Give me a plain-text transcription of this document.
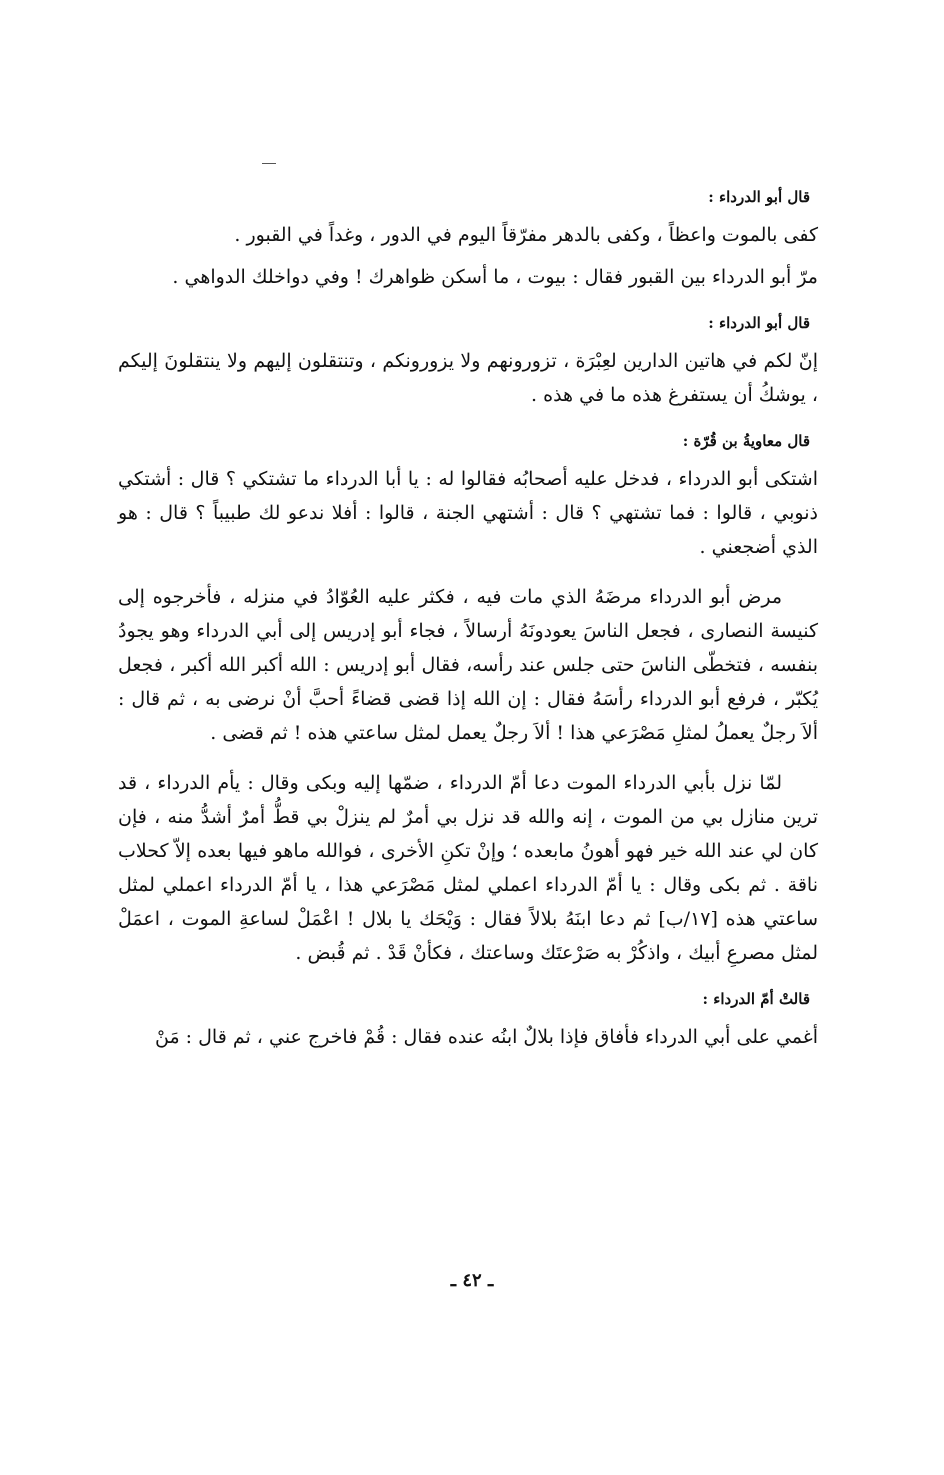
قال أبو الدرداء :

كفى بالموت واعظاً ، وكفى بالدهر مفرّقاً اليوم في الدور ، وغداً في القبور .

مرّ أبو الدرداء بين القبور فقال : بيوت ، ما أسكن ظواهرك ! وفي دواخلك الدواهي .

قال أبو الدرداء :

إنّ لكم في هاتين الدارين لعِبْرَة ، تزورونهم ولا يزورونكم ، وتنتقلون إليهم ولا ينتقلونَ إليكم ، يوشكُ أن يستفرغ هذه ما في هذه .

قال معاويةُ بن قُرّة :

اشتكى أبو الدرداء ، فدخل عليه أصحابُه فقالوا له : يا أبا الدرداء ما تشتكي ؟ قال : أشتكي ذنوبي ، قالوا : فما تشتهي ؟ قال : أشتهي الجنة ، قالوا : أفلا ندعو لك طبيباً ؟ قال : هو الذي أضجعني .

مرض أبو الدرداء مرضَهُ الذي مات فيه ، فكثر عليه العُوّادُ في منزله ، فأخرجوه إلى كنيسة النصارى ، فجعل الناسَ يعودونَهُ أرسالاً ، فجاء أبو إدريس إلى أبي الدرداء وهو يجودُ بنفسه ، فتخطّى الناسَ حتى جلس عند رأسه، فقال أبو إدريس : الله أكبر الله أكبر ، فجعل يُكبّر ، فرفع أبو الدرداء رأسَهُ فقال : إن الله إذا قضى قضاءً أحبَّ أنْ نرضى به ، ثم قال : ألاَ رجلٌ يعملُ لمثلِ مَصْرَعي هذا ! ألاَ رجلٌ يعمل لمثل ساعتي هذه ! ثم قضى .

لمّا نزل بأبي الدرداء الموت دعا أمّ الدرداء ، ضمّها إليه وبكى وقال : يأم الدرداء ، قد ترين منازل بي من الموت ، إنه والله قد نزل بي أمرٌ لم ينزلْ بي قطُّ أمرٌ أشدُّ منه ، فإن كان لي عند الله خير فهو أهونُ مابعده ؛ وإنْ تكنِ الأخرى ، فوالله ماهو فيها بعده إلاّ كحلاب ناقة . ثم بكى وقال : يا أمّ الدرداء اعملي لمثل مَصْرَعي هذا ، يا أمّ الدرداء اعملي لمثل ساعتي هذه [١٧/ب] ثم دعا ابنَهُ بلالاً فقال : وَيْحَك يا بلال ! اعْمَلْ لساعةِ الموت ، اعمَلْ لمثل مصرعِ أبيك ، واذكُرْ به صَرْعتَك وساعتك ، فكأنْ قَدْ . ثم قُبض .

قالتْ أمّ الدرداء :

أغمي على أبي الدرداء فأفاق فإذا بلالٌ ابنُه عنده فقال : قُمْ فاخرج عني ، ثم قال : مَنْ

ـ ٤٢ ـ
